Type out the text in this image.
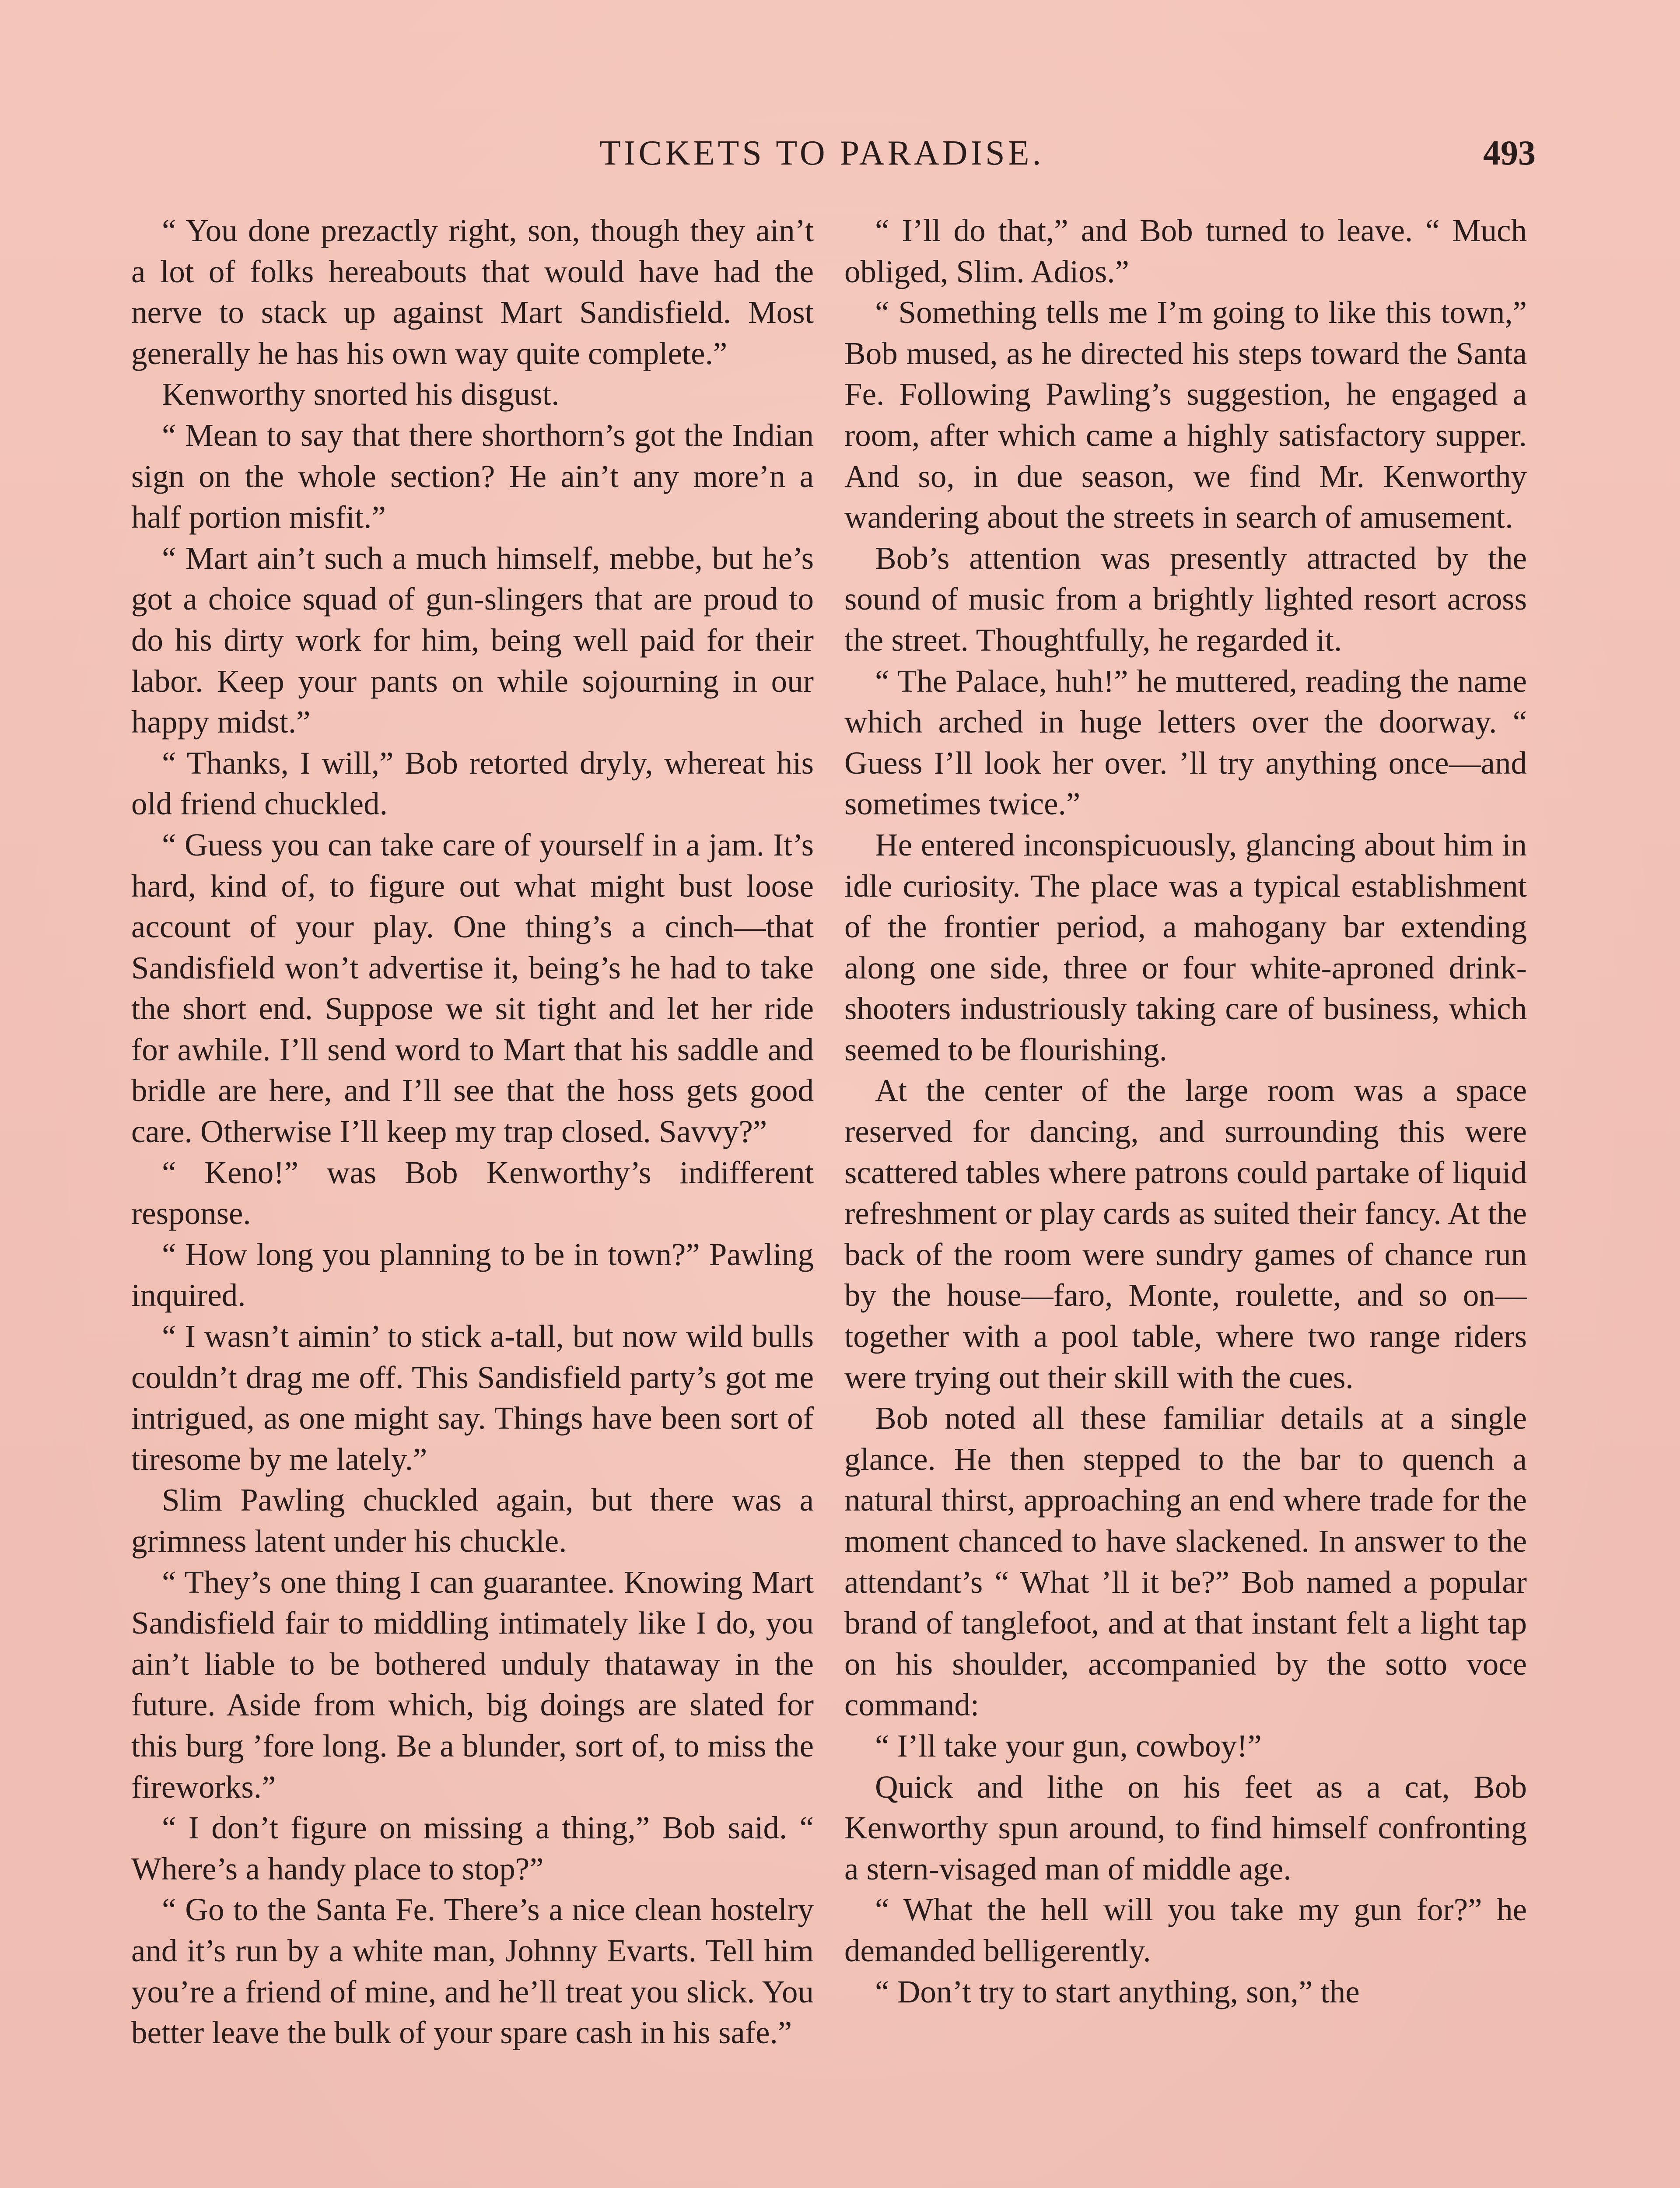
TICKETS TO PARADISE.	493

“ You done prezactly right, son, though they ain’t a lot of folks hereabouts that would have had the nerve to stack up against Mart Sandisfield. Most generally he has his own way quite complete.”

Kenworthy snorted his disgust.

“ Mean to say that there shorthorn’s got the Indian sign on the whole section? He ain’t any more’n a half portion misfit.”

“ Mart ain’t such a much himself, mebbe, but he’s got a choice squad of gun-slingers that are proud to do his dirty work for him, being well paid for their labor. Keep your pants on while sojourning in our happy midst.”

“ Thanks, I will,” Bob retorted dryly, whereat his old friend chuckled.

“ Guess you can take care of yourself in a jam. It’s hard, kind of, to figure out what might bust loose account of your play. One thing’s a cinch—that Sandisfield won’t advertise it, being’s he had to take the short end. Suppose we sit tight and let her ride for awhile. I’ll send word to Mart that his saddle and bridle are here, and I’ll see that the hoss gets good care. Otherwise I’ll keep my trap closed. Savvy?”

“ Keno!” was Bob Kenworthy’s indifferent response.

“ How long you planning to be in town?” Pawling inquired.

“ I wasn’t aimin’ to stick a-tall, but now wild bulls couldn’t drag me off. This Sandisfield party’s got me intrigued, as one might say. Things have been sort of tiresome by me lately.”

Slim Pawling chuckled again, but there was a grimness latent under his chuckle.

“ They’s one thing I can guarantee. Knowing Mart Sandisfield fair to middling intimately like I do, you ain’t liable to be bothered unduly thataway in the future. Aside from which, big doings are slated for this burg ’fore long. Be a blunder, sort of, to miss the fireworks.”

“ I don’t figure on missing a thing,” Bob said. “ Where’s a handy place to stop?”

“ Go to the Santa Fe. There’s a nice clean hostelry and it’s run by a white man, Johnny Evarts. Tell him you’re a friend of mine, and he’ll treat you slick. You better leave the bulk of your spare cash in his safe.”

“ I’ll do that,” and Bob turned to leave. “ Much obliged, Slim. Adios.”

“ Something tells me I’m going to like this town,” Bob mused, as he directed his steps toward the Santa Fe. Following Pawling’s suggestion, he engaged a room, after which came a highly satisfactory supper. And so, in due season, we find Mr. Kenworthy wandering about the streets in search of amusement.

Bob’s attention was presently attracted by the sound of music from a brightly lighted resort across the street. Thoughtfully, he regarded it.

“ The Palace, huh!” he muttered, reading the name which arched in huge letters over the doorway. “ Guess I’ll look her over. ’ll try anything once—and sometimes twice.”

He entered inconspicuously, glancing about him in idle curiosity. The place was a typical establishment of the frontier period, a mahogany bar extending along one side, three or four white-aproned drink-shooters industriously taking care of business, which seemed to be flourishing.

At the center of the large room was a space reserved for dancing, and surrounding this were scattered tables where patrons could partake of liquid refreshment or play cards as suited their fancy. At the back of the room were sundry games of chance run by the house—faro, Monte, roulette, and so on—together with a pool table, where two range riders were trying out their skill with the cues.

Bob noted all these familiar details at a single glance. He then stepped to the bar to quench a natural thirst, approaching an end where trade for the moment chanced to have slackened. In answer to the attendant’s “ What ’ll it be?” Bob named a popular brand of tanglefoot, and at that instant felt a light tap on his shoulder, accompanied by the sotto voce command:

“ I’ll take your gun, cowboy!”

Quick and lithe on his feet as a cat, Bob Kenworthy spun around, to find himself confronting a stern-visaged man of middle age.

“ What the hell will you take my gun for?” he demanded belligerently.

“ Don’t try to start anything, son,” the
